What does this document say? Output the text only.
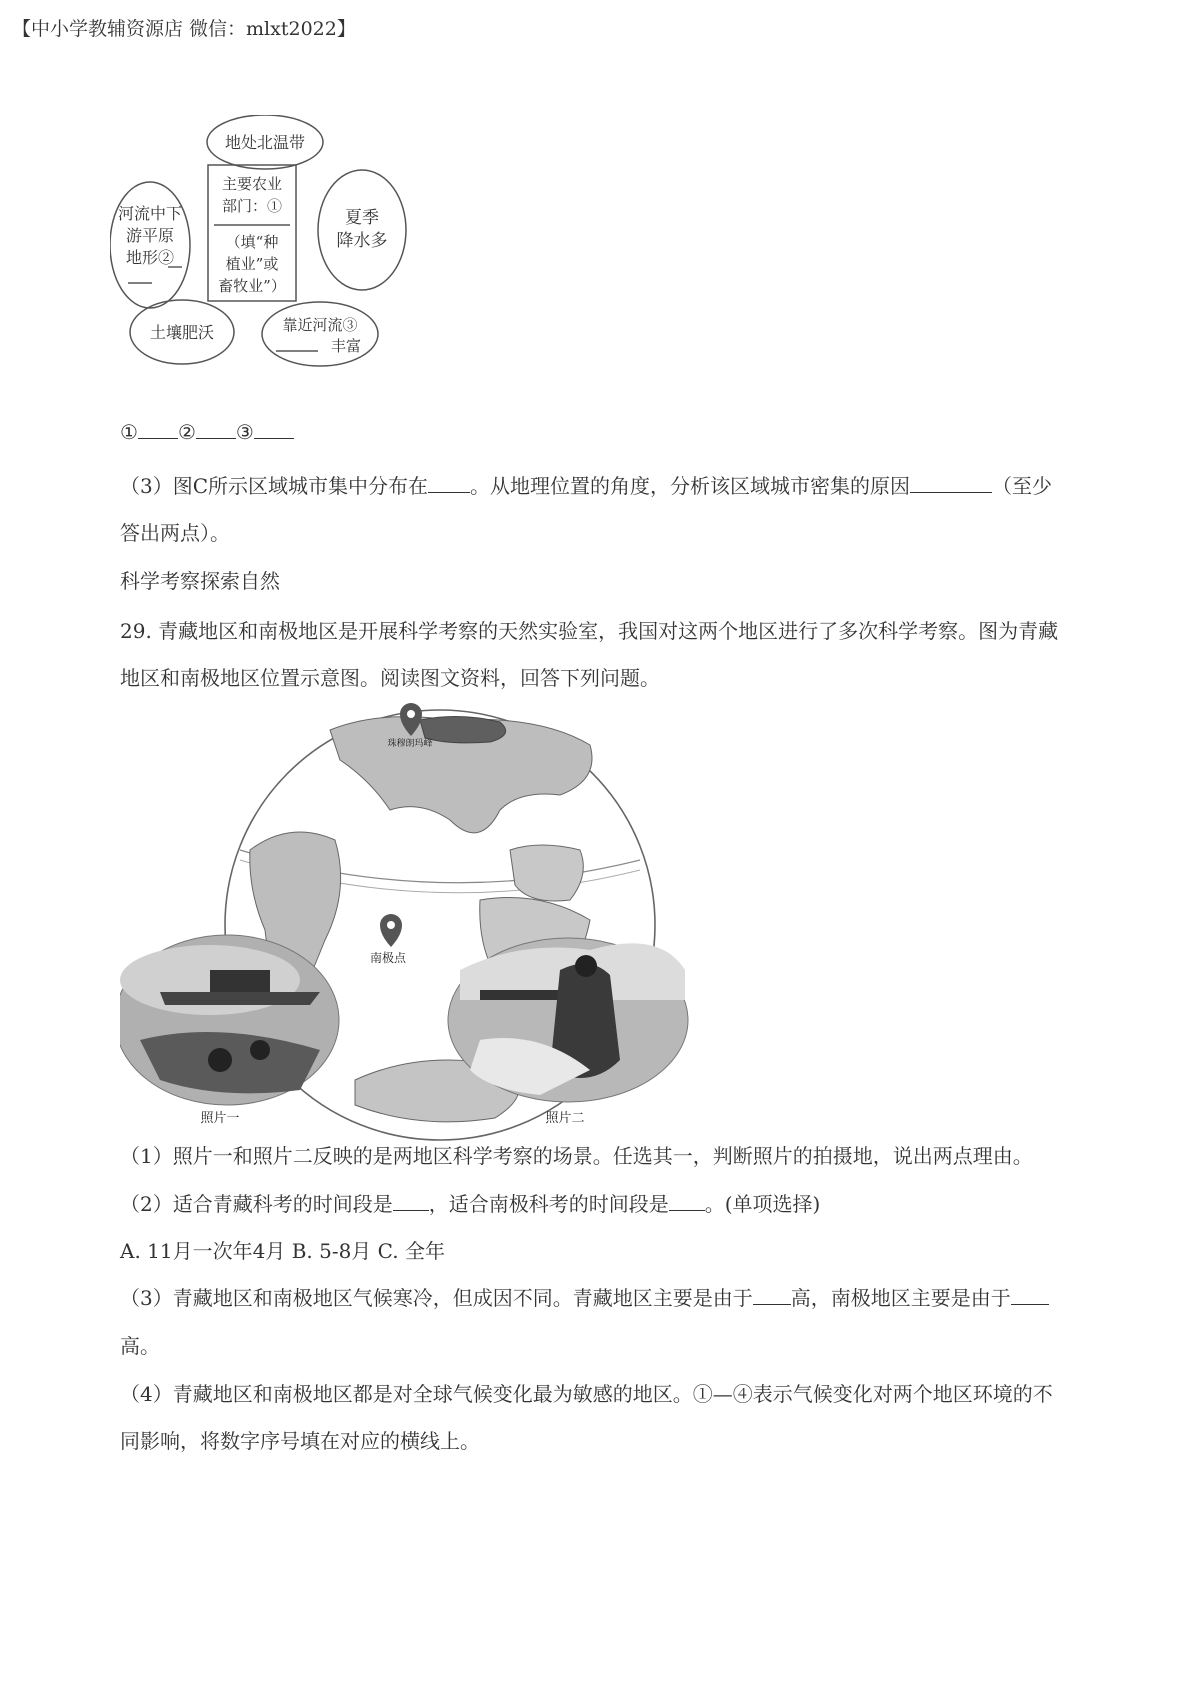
【中小学教辅资源店 微信：mlxt2022】
地处北温带
河流中下
游平原
地形②
主要农业
部门：①
（填“种
植业”或
畜牧业”）
夏季
降水多
土壤肥沃	靠近河流③
丰富
① ② ③
（3）图C所示区域城市集中分布在 。从地理位置的角度，分析该区域城市密集的原因	（至少
答出两点）。
科学考察探索自然
29. 青藏地区和南极地区是开展科学考察的天然实验室，我国对这两个地区进行了多次科学考察。图为青藏
地区和南极地区位置示意图。阅读图文资料，回答下列问题。
珠穆朗玛峰
南极点
照片一	照片二
（1）照片一和照片二反映的是两地区科学考察的场景。任选其一，判断照片的拍摄地，说出两点理由。
（2）适合青藏科考的时间段是 ，适合南极科考的时间段是 。(单项选择)
A. 11月一次年4月 B. 5-8月 C. 全年
（3）青藏地区和南极地区气候寒冷，但成因不同。青藏地区主要是由于 高，南极地区主要是由于
高。
（4）青藏地区和南极地区都是对全球气候变化最为敏感的地区。①—④表示气候变化对两个地区环境的不
同影响，将数字序号填在对应的横线上。
